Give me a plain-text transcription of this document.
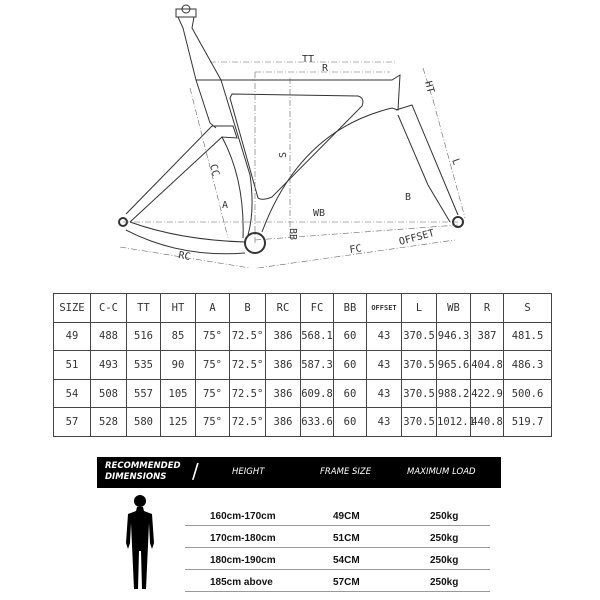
TT
R
HT
S
CC
A
B
WB
BB
FC
OFFSET
RC
L
SIZE	C-C	TT	HT	A	B	RC	FC	BB	OFFSET	L	WB	R	S
49	488	516	85	75°	72.5°	386	568.1	60	43	370.5	946.3	387	481.5
51	493	535	90	75°	72.5°	386	587.3	60	43	370.5	965.6	404.8	486.3
54	508	557	105	75°	72.5°	386	609.8	60	43	370.5	988.2	422.9	500.6
57	528	580	125	75°	72.5°	386	633.6	60	43	370.5	1012.1	440.8	519.7
RECOMMENDED
DIMENSIONS	/	HEIGHT	FRAME SIZE	MAXIMUM LOAD
160cm-170cm	49CM	250kg
170cm-180cm	51CM	250kg
180cm-190cm	54CM	250kg
185cm above	57CM	250kg
